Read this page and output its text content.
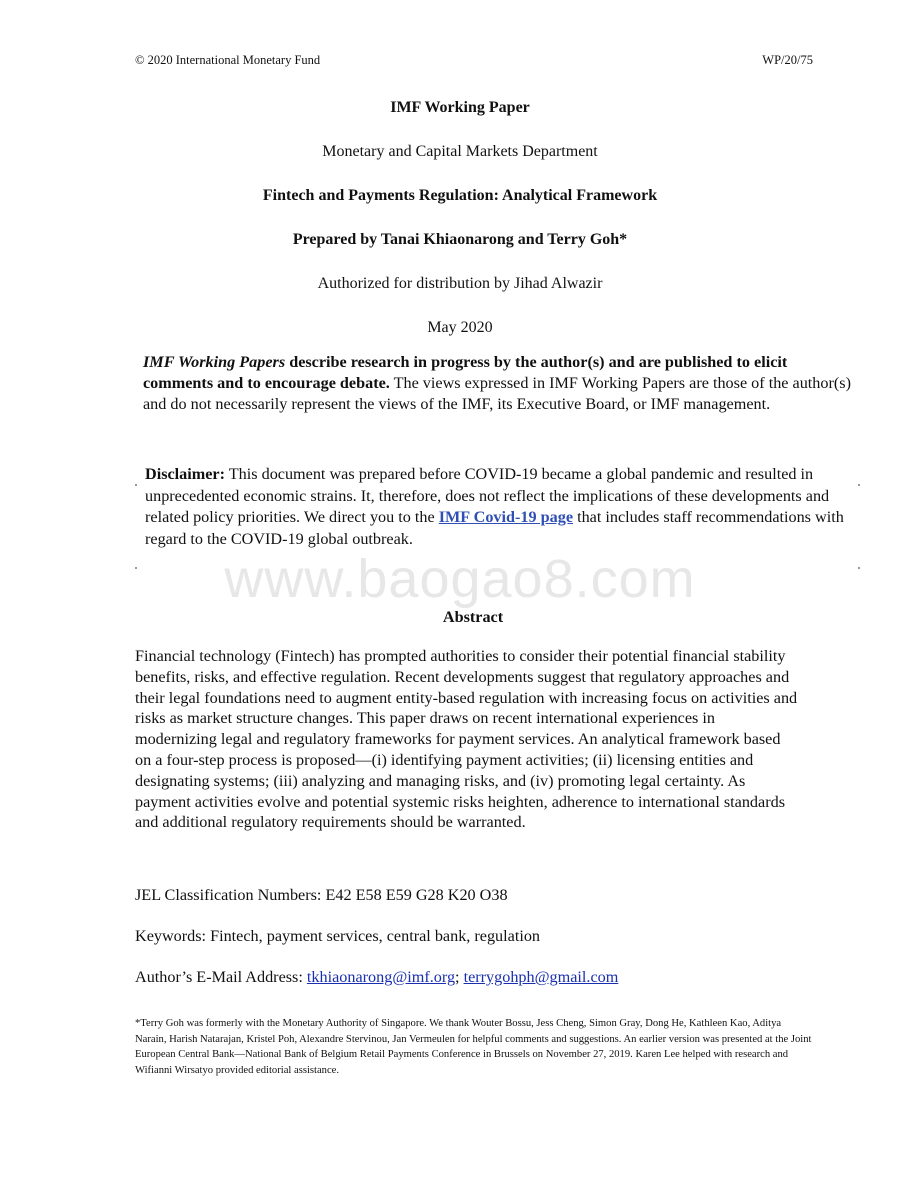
© 2020 International Monetary Fund	WP/20/75
IMF Working Paper
Monetary and Capital Markets Department
Fintech and Payments Regulation: Analytical Framework
Prepared by Tanai Khiaonarong and Terry Goh*
Authorized for distribution by Jihad Alwazir
May 2020
IMF Working Papers describe research in progress by the author(s) and are published to elicit comments and to encourage debate. The views expressed in IMF Working Papers are those of the author(s) and do not necessarily represent the views of the IMF, its Executive Board, or IMF management.
Disclaimer: This document was prepared before COVID-19 became a global pandemic and resulted in unprecedented economic strains. It, therefore, does not reflect the implications of these developments and related policy priorities. We direct you to the IMF Covid-19 page that includes staff recommendations with regard to the COVID-19 global outbreak.
www.baogao8.com
Abstract
Financial technology (Fintech) has prompted authorities to consider their potential financial stability benefits, risks, and effective regulation. Recent developments suggest that regulatory approaches and their legal foundations need to augment entity-based regulation with increasing focus on activities and risks as market structure changes. This paper draws on recent international experiences in modernizing legal and regulatory frameworks for payment services. An analytical framework based on a four-step process is proposed—(i) identifying payment activities; (ii) licensing entities and designating systems; (iii) analyzing and managing risks, and (iv) promoting legal certainty. As payment activities evolve and potential systemic risks heighten, adherence to international standards and additional regulatory requirements should be warranted.
JEL Classification Numbers: E42 E58 E59 G28 K20 O38
Keywords: Fintech, payment services, central bank, regulation
Author’s E-Mail Address: tkhiaonarong@imf.org; terrygohph@gmail.com
*Terry Goh was formerly with the Monetary Authority of Singapore. We thank Wouter Bossu, Jess Cheng, Simon Gray, Dong He, Kathleen Kao, Aditya Narain, Harish Natarajan, Kristel Poh, Alexandre Stervinou, Jan Vermeulen for helpful comments and suggestions. An earlier version was presented at the Joint European Central Bank—National Bank of Belgium Retail Payments Conference in Brussels on November 27, 2019. Karen Lee helped with research and Wifianni Wirsatyo provided editorial assistance.
